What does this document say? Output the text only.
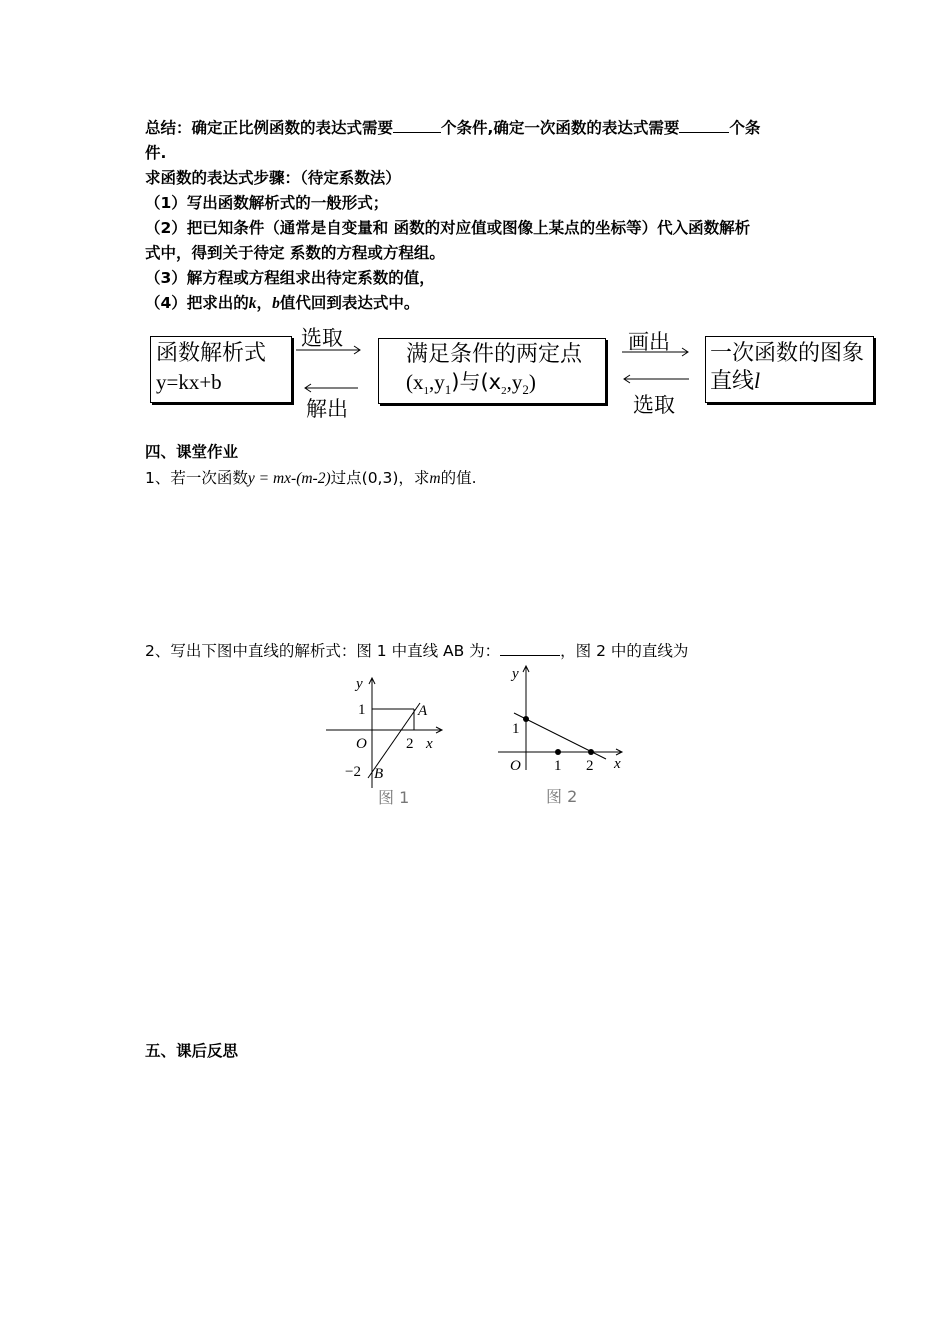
总结：确定正比例函数的表达式需要	个条件,确定一次函数的表达式需要	个条
件.
求函数的表达式步骤：（待定系数法）
（1）写出函数解析式的一般形式；
（2）把已知条件（通常是自变量和 函数的对应值或图像上某点的坐标等）代入函数解析
式中，得到关于待定 系数的方程或方程组。
（3）解方程或方程组求出待定系数的值，
（4）把求出的k，b值代回到表达式中。
函数解析式
y=kx+b
满足条件的两定点
$(x_1,y_1)$与$(x_2,y_2)$
一次函数的图象
直线l
选取
解出
画出
选取
四、课堂作业
1、若一次函数y = mx-(m-2)过点(0,3)，求m的值.
2、写出下图中直线的解析式：图 1 中直线 AB 为：	，图 2 中的直线为
y
1	A
O	2 x
−2 B
图 1
y
1
O 1 2 x
图 2
五、课后反思
